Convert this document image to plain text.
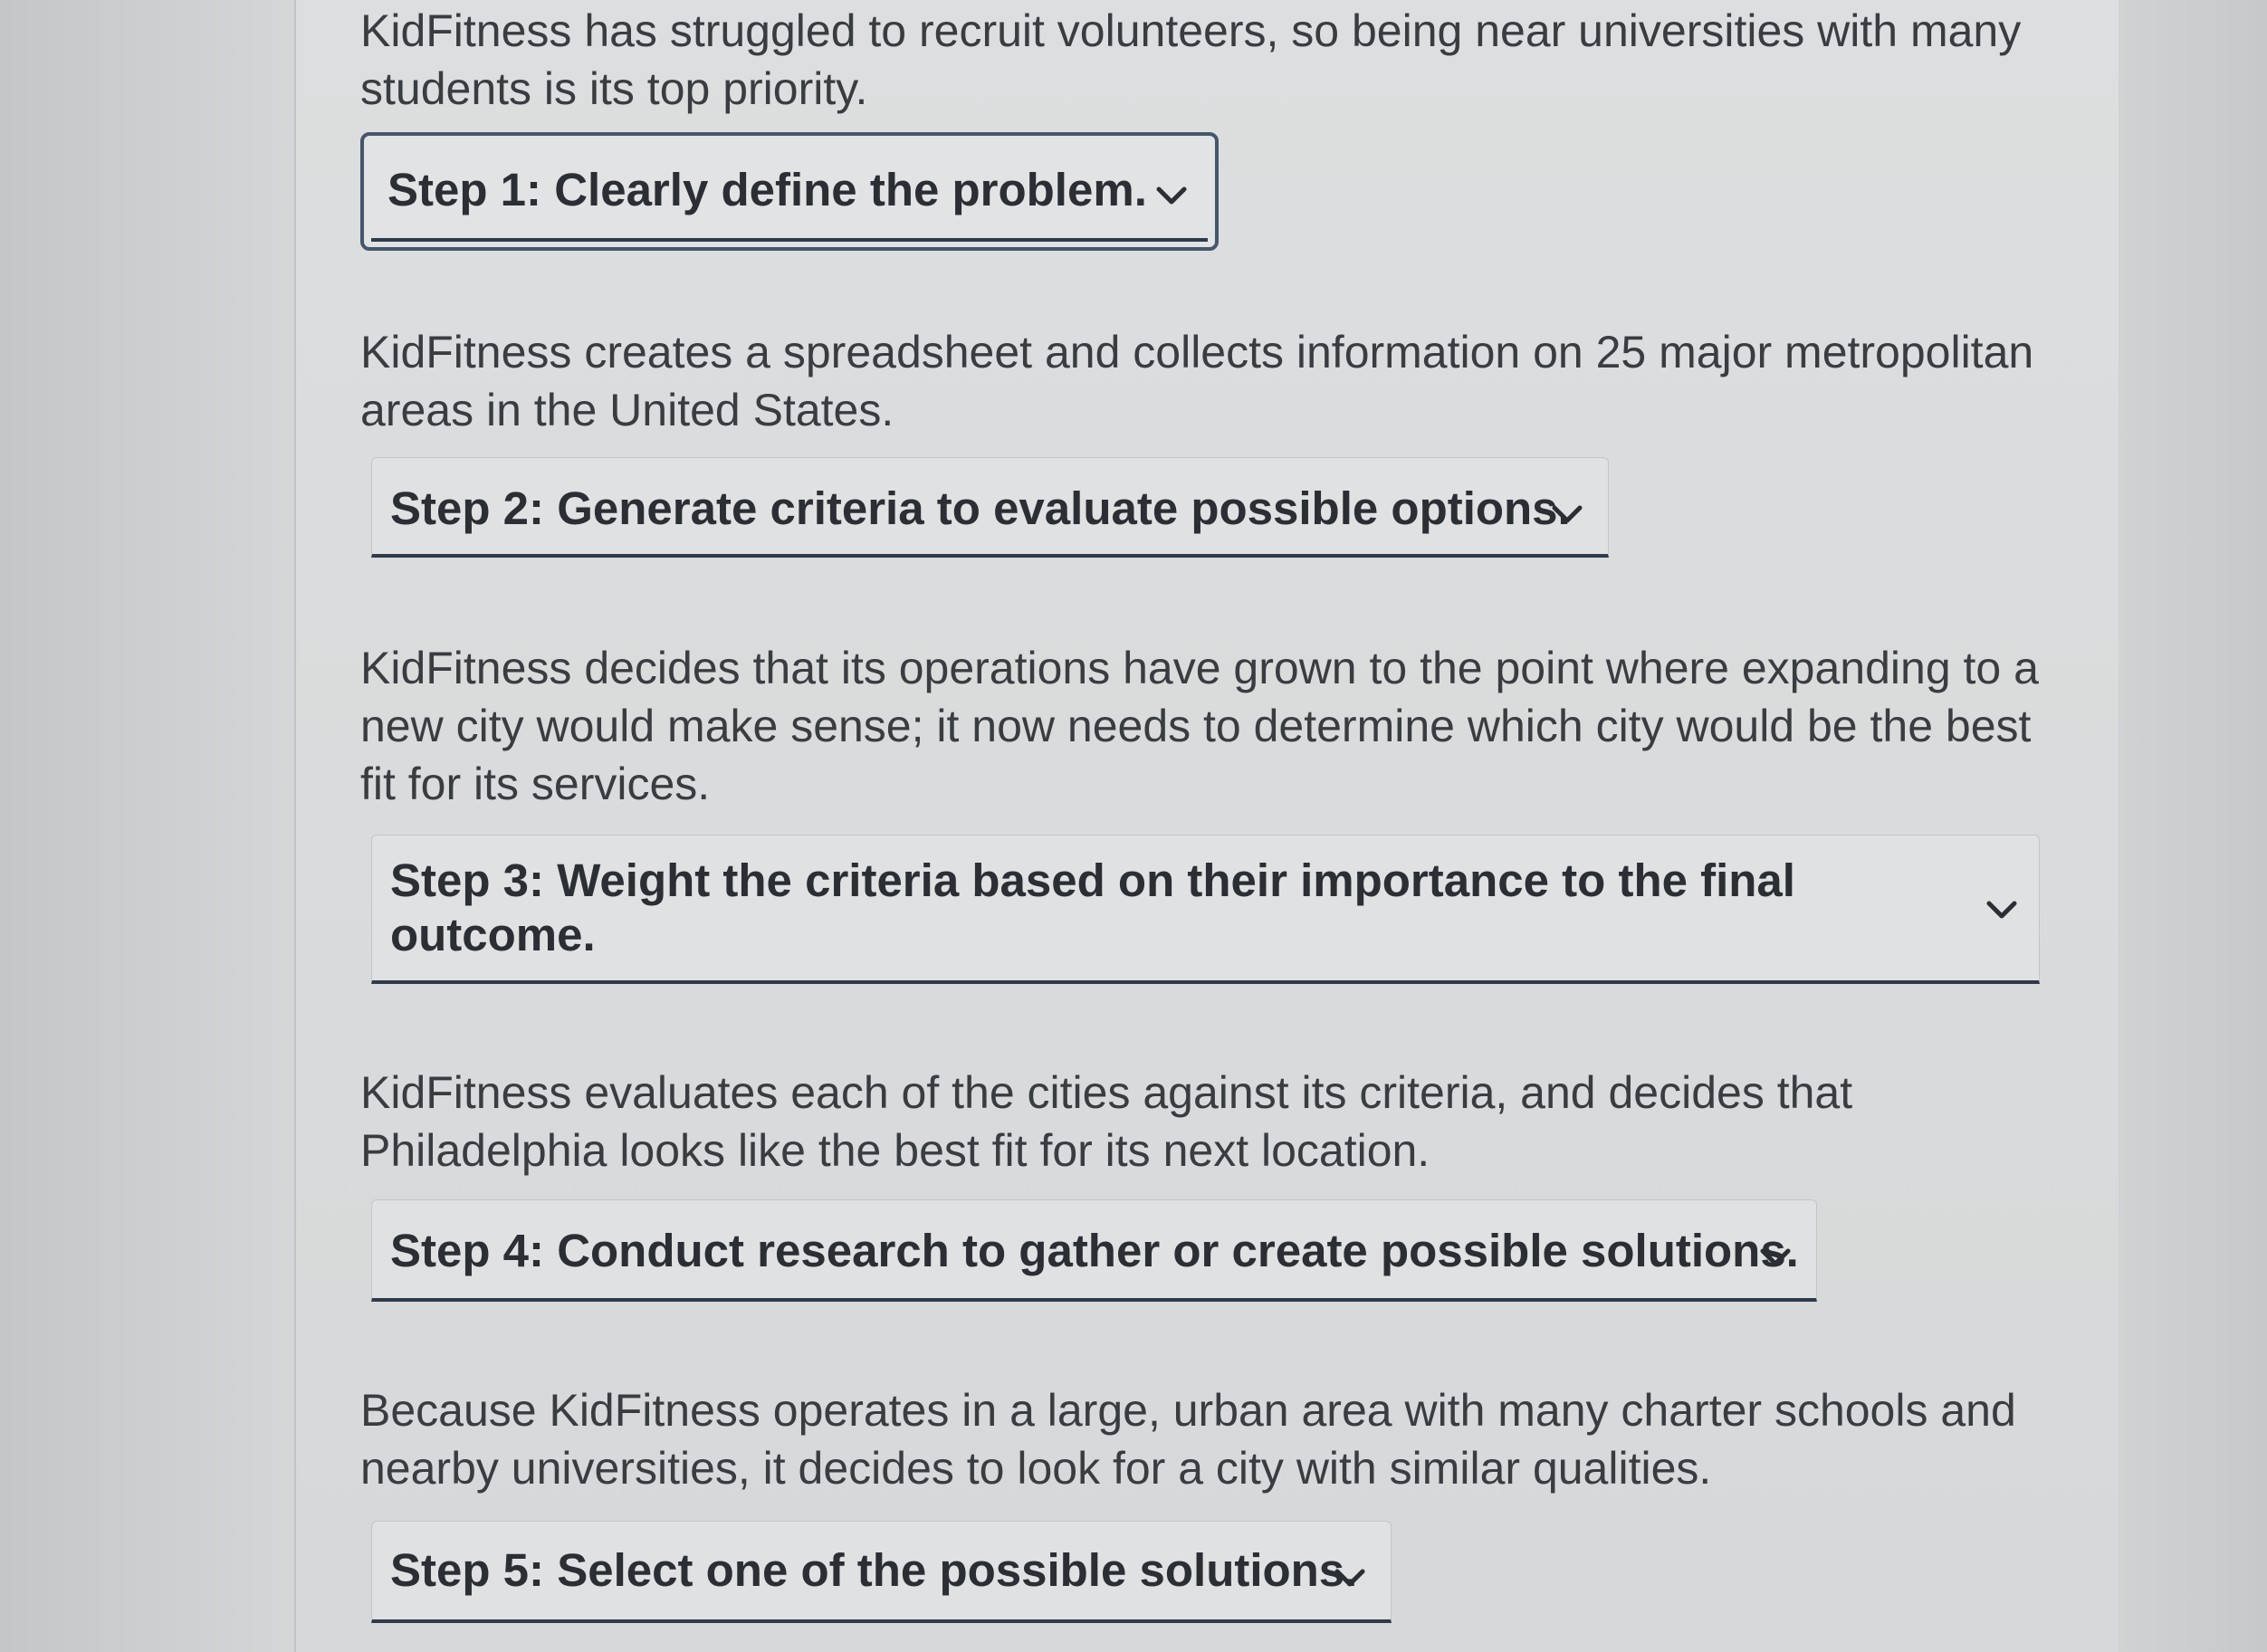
KidFitness has struggled to recruit volunteers, so being near universities with many students is its top priority.

Step 1: Clearly define the problem.

KidFitness creates a spreadsheet and collects information on 25 major metropolitan areas in the United States.

Step 2: Generate criteria to evaluate possible options.

KidFitness decides that its operations have grown to the point where expanding to a new city would make sense; it now needs to determine which city would be the best fit for its services.

Step 3: Weight the criteria based on their importance to the final outcome.

KidFitness evaluates each of the cities against its criteria, and decides that Philadelphia looks like the best fit for its next location.

Step 4: Conduct research to gather or create possible solutions.

Because KidFitness operates in a large, urban area with many charter schools and nearby universities, it decides to look for a city with similar qualities.

Step 5: Select one of the possible solutions.
